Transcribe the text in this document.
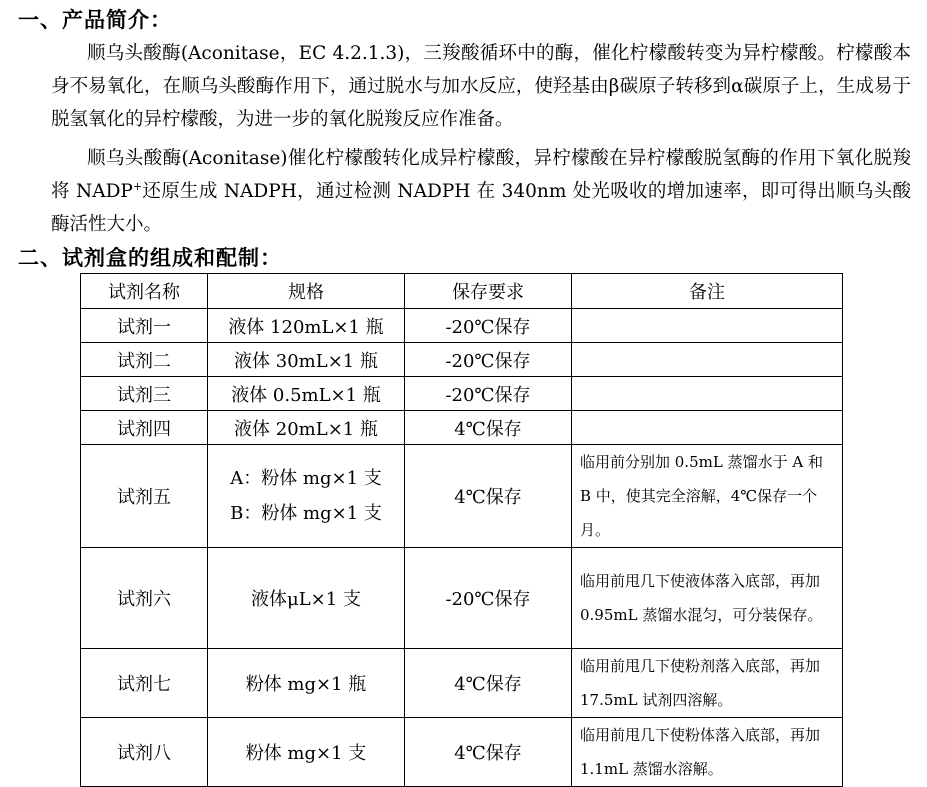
一、产品简介：
顺乌头酸酶(Aconitase，EC 4.2.1.3)，三羧酸循环中的酶，催化柠檬酸转变为异柠檬酸。柠檬酸本身不易氧化，在顺乌头酸酶作用下，通过脱水与加水反应，使羟基由β碳原子转移到α碳原子上，生成易于脱氢氧化的异柠檬酸，为进一步的氧化脱羧反应作准备。
顺乌头酸酶(Aconitase)催化柠檬酸转化成异柠檬酸，异柠檬酸在异柠檬酸脱氢酶的作用下氧化脱羧将 NADP+还原生成 NADPH，通过检测 NADPH 在 340nm 处光吸收的增加速率，即可得出顺乌头酸酶活性大小。
二、试剂盒的组成和配制：
试剂名称	规格	保存要求	备注
试剂一	液体 120mL×1 瓶	-20℃保存	
试剂二	液体 30mL×1 瓶	-20℃保存	
试剂三	液体 0.5mL×1 瓶	-20℃保存	
试剂四	液体 20mL×1 瓶	4℃保存	
试剂五	A：粉体 mg×1 支
B：粉体 mg×1 支	4℃保存	临用前分别加 0.5mL 蒸馏水于 A 和 B 中，使其完全溶解，4℃保存一个月。
试剂六	液体μL×1 支	-20℃保存	临用前甩几下使液体落入底部，再加 0.95mL 蒸馏水混匀，可分装保存。
试剂七	粉体 mg×1 瓶	4℃保存	临用前甩几下使粉剂落入底部，再加 17.5mL 试剂四溶解。
试剂八	粉体 mg×1 支	4℃保存	临用前甩几下使粉体落入底部，再加 1.1mL 蒸馏水溶解。
